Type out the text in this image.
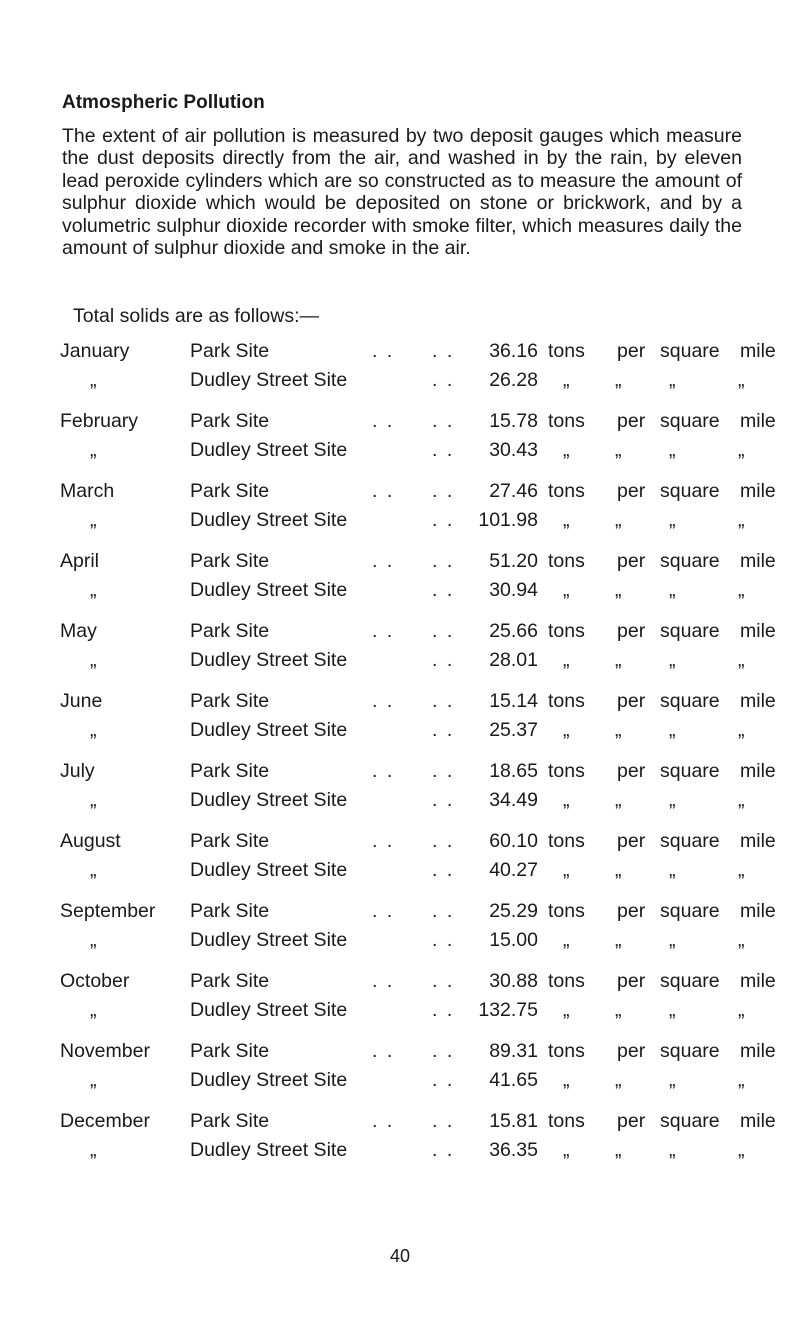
Atmospheric Pollution
The extent of air pollution is measured by two deposit gauges which measure the dust deposits directly from the air, and washed in by the rain, by eleven lead peroxide cylinders which are so constructed as to measure the amount of sulphur dioxide which would be deposited on stone or brickwork, and by a volumetric sulphur dioxide recorder with smoke filter, which measures daily the amount of sulphur dioxide and smoke in the air.
Total solids are as follows:—
January	Park Site	. . . .	36.16 tons per square mile
„	Dudley Street Site	. .	26.28 „ „ „	„
February	Park Site	. . . .	15.78 tons per square mile
„	Dudley Street Site	. .	30.43 „ „ „	„
March	Park Site	. . . .	27.46 tons per square mile
„	Dudley Street Site	. .	101.98 „ „ „	„
April	Park Site	. . . .	51.20 tons per square mile
„	Dudley Street Site	. .	30.94 „ „ „	„
May	Park Site	. . . .	25.66 tons per square mile
„	Dudley Street Site	. .	28.01 „ „ „	„
June	Park Site	. . . .	15.14 tons per square mile
„	Dudley Street Site	. .	25.37 „ „ „	„
July	Park Site	. . . .	18.65 tons per square mile
„	Dudley Street Site	. .	34.49 „ „ „	„
August	Park Site	. . . .	60.10 tons per square mile
„	Dudley Street Site	. .	40.27 „ „ „	„
September Park Site	. . . .	25.29 tons per square mile
„	Dudley Street Site	. .	15.00 „ „ „	„
October	Park Site	. . . .	30.88 tons per square mile
„	Dudley Street Site	. .	132.75 „ „ „	„
November Park Site	. . . .	89.31 tons per square mile
„	Dudley Street Site	. .	41.65 „ „ „	„
December Park Site	. . . .	15.81 tons per square mile
„	Dudley Street Site	. .	36.35 „ „ „	„
40
